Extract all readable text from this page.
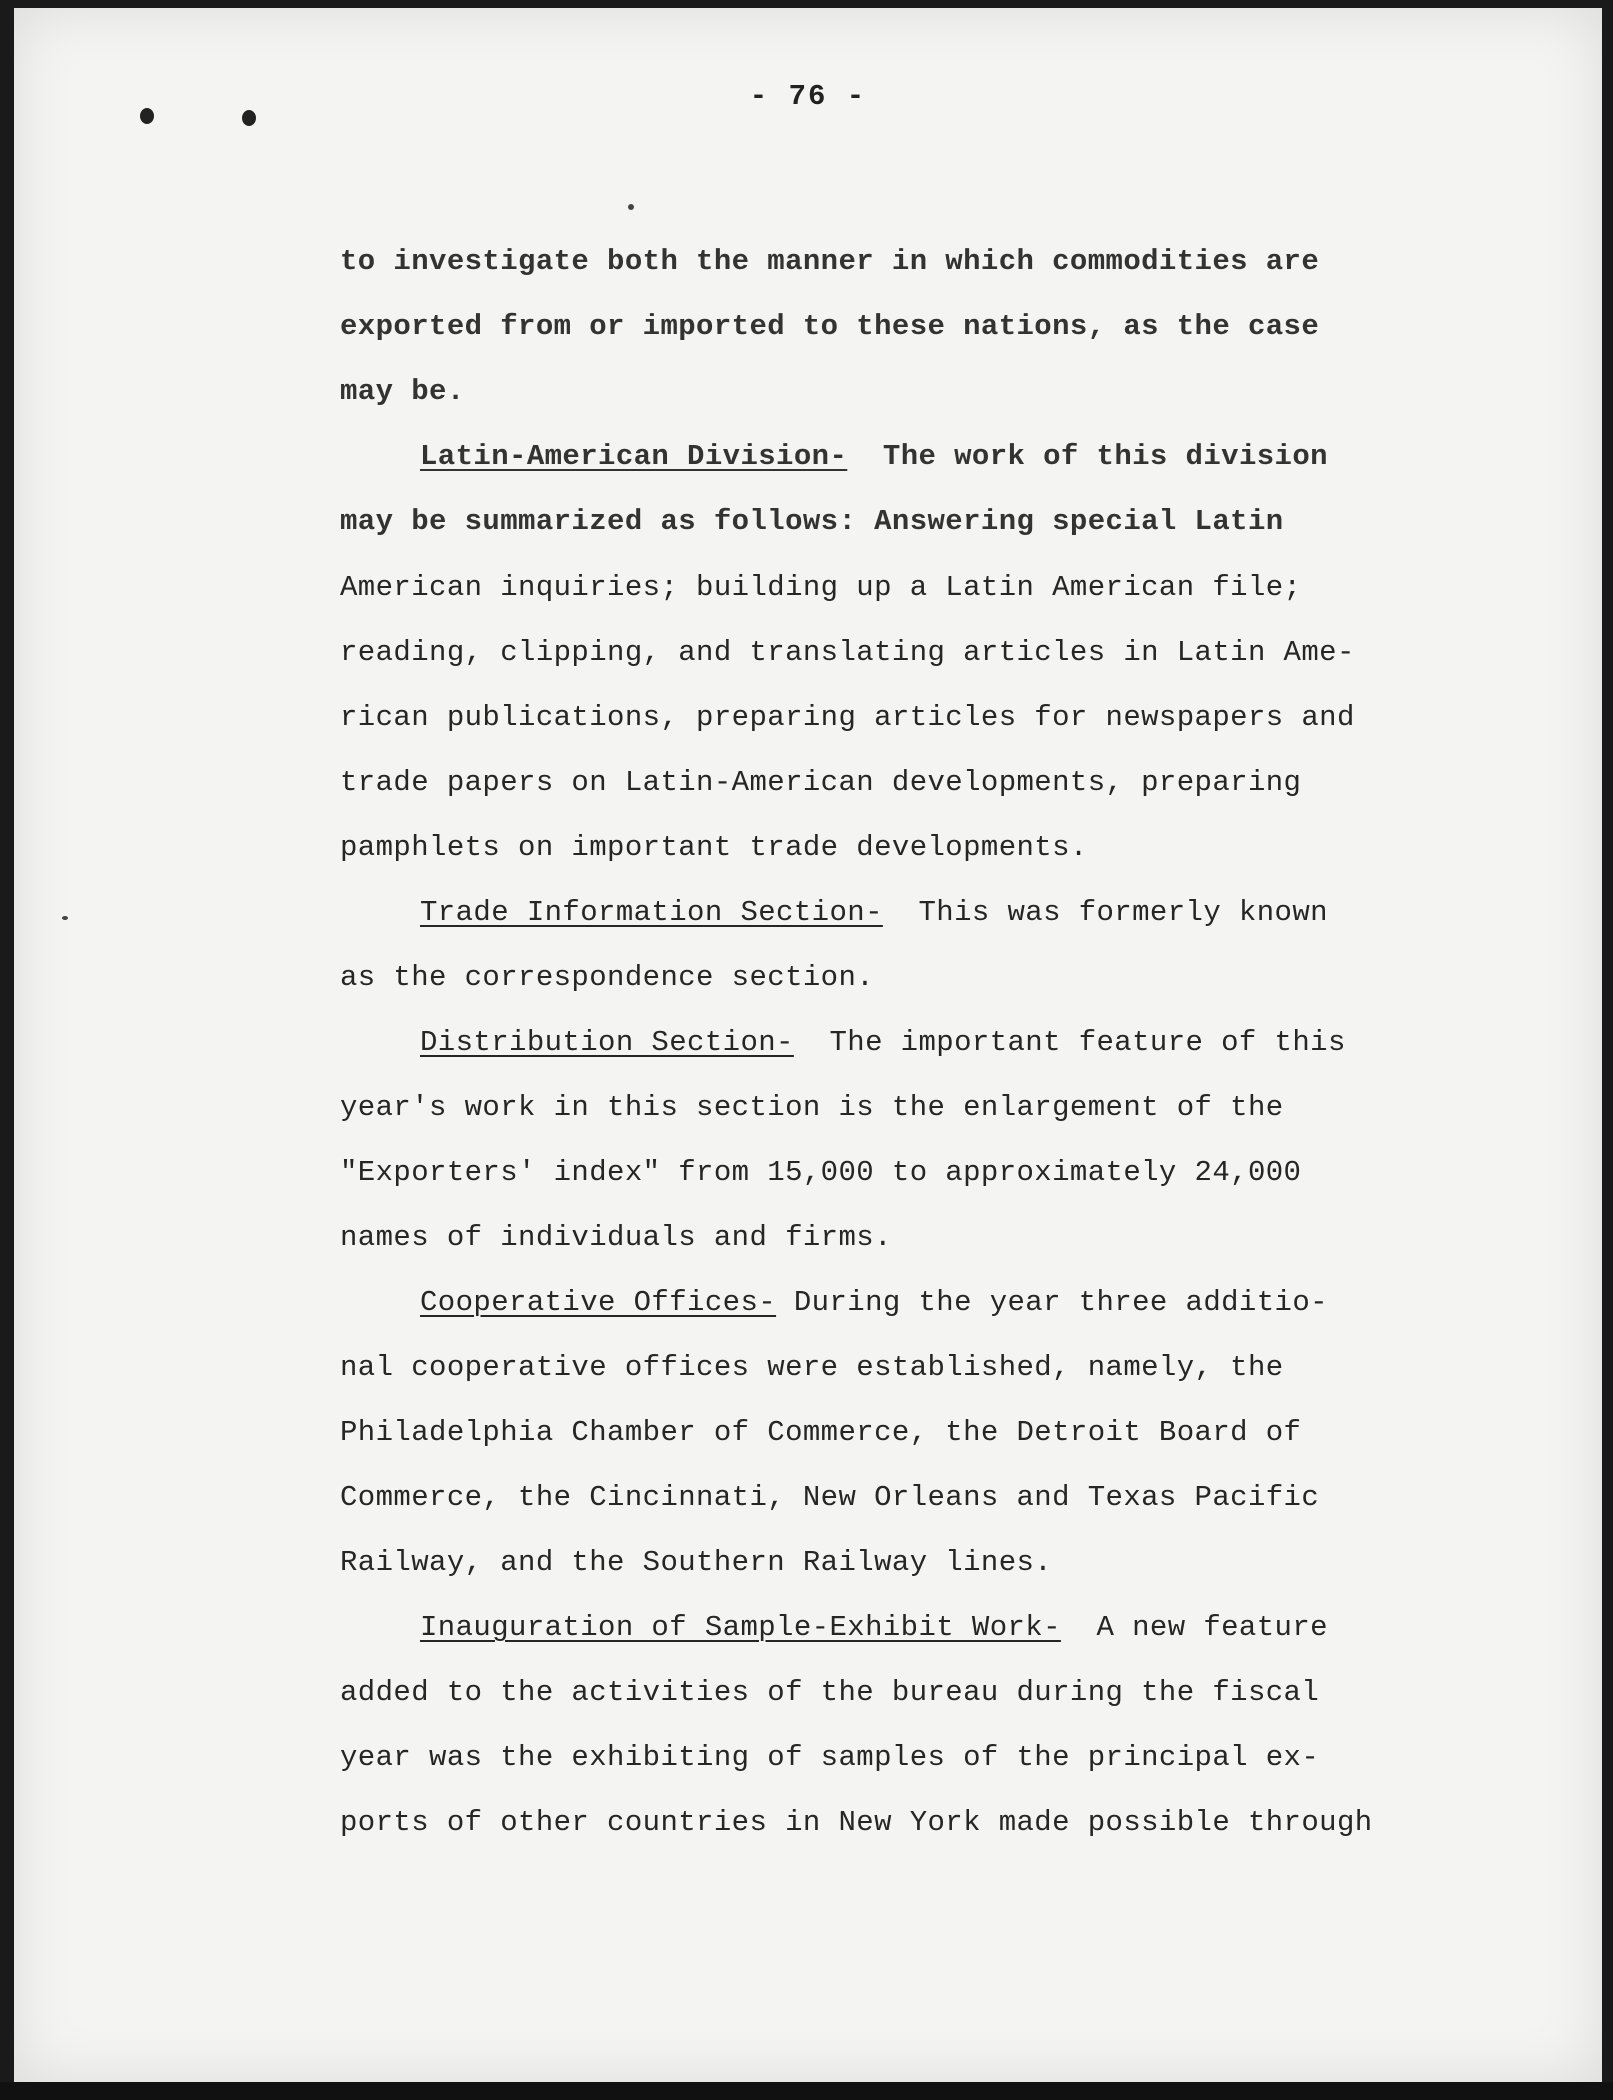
- 76 -
to investigate both the manner in which commodities are
exported from or imported to these nations, as the case
may be.
Latin-American Division-  The work of this division
may be summarized as follows: Answering special Latin
American inquiries; building up a Latin American file;
reading, clipping, and translating articles in Latin Ame-
rican publications, preparing articles for newspapers and
trade papers on Latin-American developments, preparing
pamphlets on important trade developments.
Trade Information Section-  This was formerly known
as the correspondence section.
Distribution Section-  The important feature of this
year's work in this section is the enlargement of the
"Exporters' index" from 15,000 to approximately 24,000
names of individuals and firms.
Cooperative Offices- During the year three additio-
nal cooperative offices were established, namely, the
Philadelphia Chamber of Commerce, the Detroit Board of
Commerce, the Cincinnati, New Orleans and Texas Pacific
Railway, and the Southern Railway lines.
Inauguration of Sample-Exhibit Work-  A new feature
added to the activities of the bureau during the fiscal
year was the exhibiting of samples of the principal ex-
ports of other countries in New York made possible through
